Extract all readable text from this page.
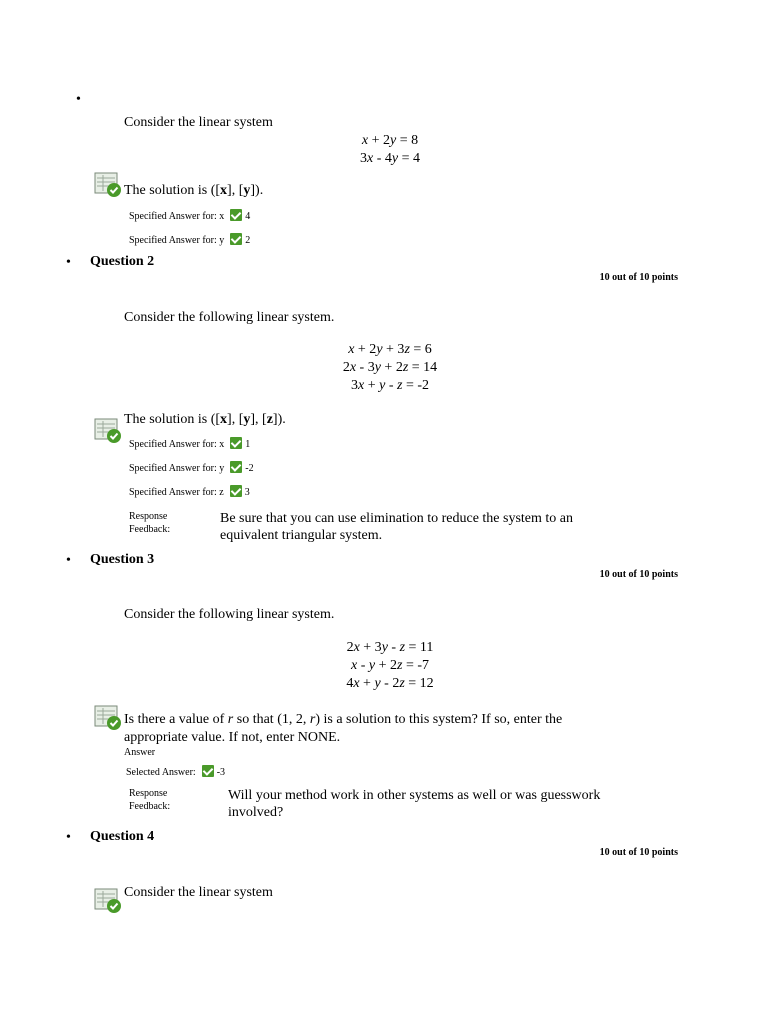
•
Consider the linear system
x + 2y = 8
3x - 4y = 4
The solution is ([x], [y]).
Specified Answer for: x 4
Specified Answer for: y 2
• Question 2
10 out of 10 points
Consider the following linear system.
x + 2y + 3z = 6
2x - 3y + 2z = 14
3x + y - z = -2
The solution is ([x], [y], [z]).
Specified Answer for: x 1
Specified Answer for: y -2
Specified Answer for: z 3
Response
Feedback:
Be sure that you can use elimination to reduce the system to an
equivalent triangular system.
• Question 3
10 out of 10 points
Consider the following linear system.
2x + 3y - z = 11
x - y + 2z = -7
4x + y - 2z = 12
Is there a value of r so that (1, 2, r) is a solution to this system? If so, enter the
appropriate value. If not, enter NONE.
Answer
Selected Answer: -3
Response
Feedback:
Will your method work in other systems as well or was guesswork
involved?
• Question 4
10 out of 10 points
Consider the linear system
